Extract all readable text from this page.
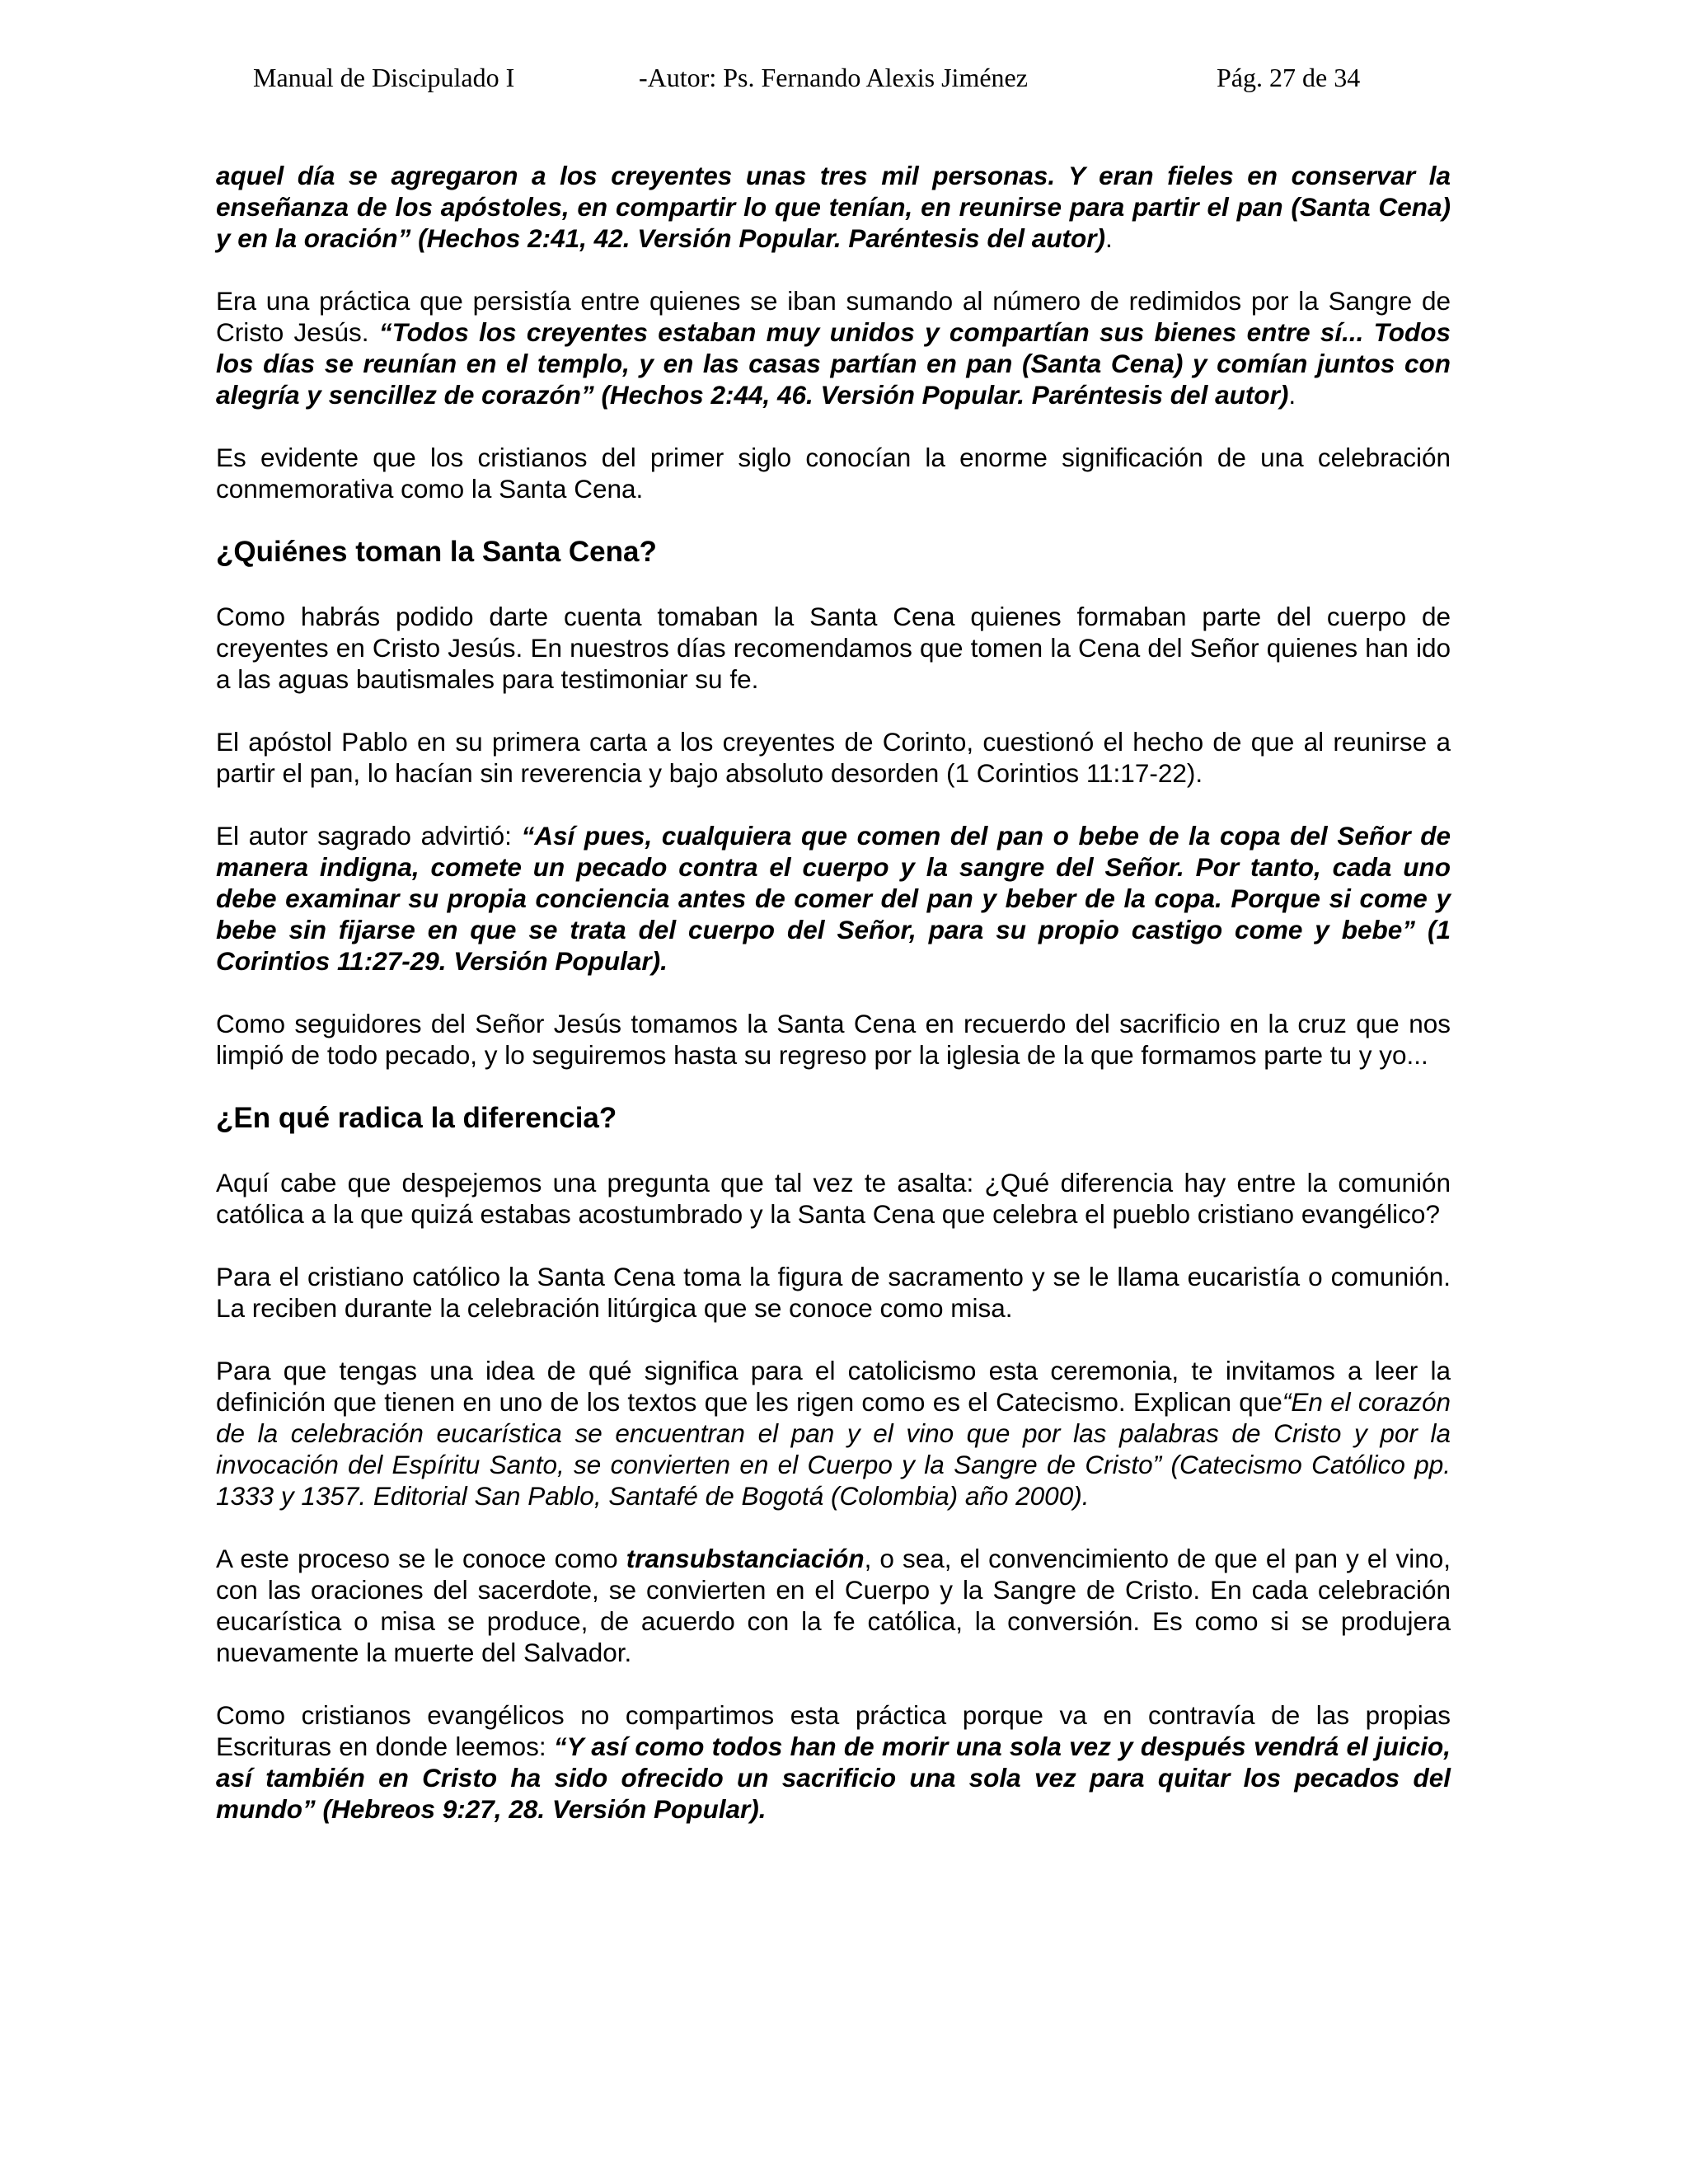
Manual de Discipulado I	-Autor: Ps. Fernando Alexis Jiménez	Pág. 27 de 34

aquel día se agregaron a los creyentes unas tres mil personas. Y eran fieles en conservar la enseñanza de los apóstoles, en compartir lo que tenían, en reunirse para partir el pan (Santa Cena) y en la oración” (Hechos 2:41, 42. Versión Popular. Paréntesis del autor).

Era una práctica que persistía entre quienes se iban sumando al número de redimidos por la Sangre de Cristo Jesús. “Todos los creyentes estaban muy unidos y compartían sus bienes entre sí... Todos los días se reunían en el templo, y en las casas partían en pan (Santa Cena) y comían juntos con alegría y sencillez de corazón” (Hechos 2:44, 46. Versión Popular. Paréntesis del autor).

Es evidente que los cristianos del primer siglo conocían la enorme significación de una celebración conmemorativa como la Santa Cena.

¿Quiénes toman la Santa Cena?

Como habrás podido darte cuenta tomaban la Santa Cena quienes formaban parte del cuerpo de creyentes en Cristo Jesús. En nuestros días recomendamos que tomen la Cena del Señor quienes han ido a las aguas bautismales para testimoniar su fe.

El apóstol Pablo en su primera carta a los creyentes de Corinto, cuestionó el hecho de que al reunirse a partir el pan, lo hacían sin reverencia y bajo absoluto desorden (1 Corintios 11:17-22).

El autor sagrado advirtió: “Así pues, cualquiera que comen del pan o bebe de la copa del Señor de manera indigna, comete un pecado contra el cuerpo y la sangre del Señor. Por tanto, cada uno debe examinar su propia conciencia antes de comer del pan y beber de la copa. Porque si come y bebe sin fijarse en que se trata del cuerpo del Señor, para su propio castigo come y bebe” (1 Corintios 11:27-29. Versión Popular).

Como seguidores del Señor Jesús tomamos la Santa Cena en recuerdo del sacrificio en la cruz que nos limpió de todo pecado, y lo seguiremos hasta su regreso por la iglesia de la que formamos parte tu y yo...

¿En qué radica la diferencia?

Aquí cabe que despejemos una pregunta que tal vez te asalta: ¿Qué diferencia hay entre la comunión católica a la que quizá estabas acostumbrado y la Santa Cena que celebra el pueblo cristiano evangélico?

Para el cristiano católico la Santa Cena toma la figura de sacramento y se le llama eucaristía o comunión. La reciben durante la celebración litúrgica que se conoce como misa.

Para que tengas una idea de qué significa para el catolicismo esta ceremonia, te invitamos a leer la definición que tienen en uno de los textos que les rigen como es el Catecismo. Explican que“En el corazón de la celebración eucarística se encuentran el pan y el vino que por las palabras de Cristo y por la invocación del Espíritu Santo, se convierten en el Cuerpo y la Sangre de Cristo” (Catecismo Católico pp. 1333 y 1357. Editorial San Pablo, Santafé de Bogotá (Colombia) año 2000).

A este proceso se le conoce como transubstanciación, o sea, el convencimiento de que el pan y el vino, con las oraciones del sacerdote, se convierten en el Cuerpo y la Sangre de Cristo. En cada celebración eucarística o misa se produce, de acuerdo con la fe católica, la conversión. Es como si se produjera nuevamente la muerte del Salvador.

Como cristianos evangélicos no compartimos esta práctica porque va en contravía de las propias Escrituras en donde leemos: “Y así como todos han de morir una sola vez y después vendrá el juicio, así también en Cristo ha sido ofrecido un sacrificio una sola vez para quitar los pecados del mundo” (Hebreos 9:27, 28. Versión Popular).
